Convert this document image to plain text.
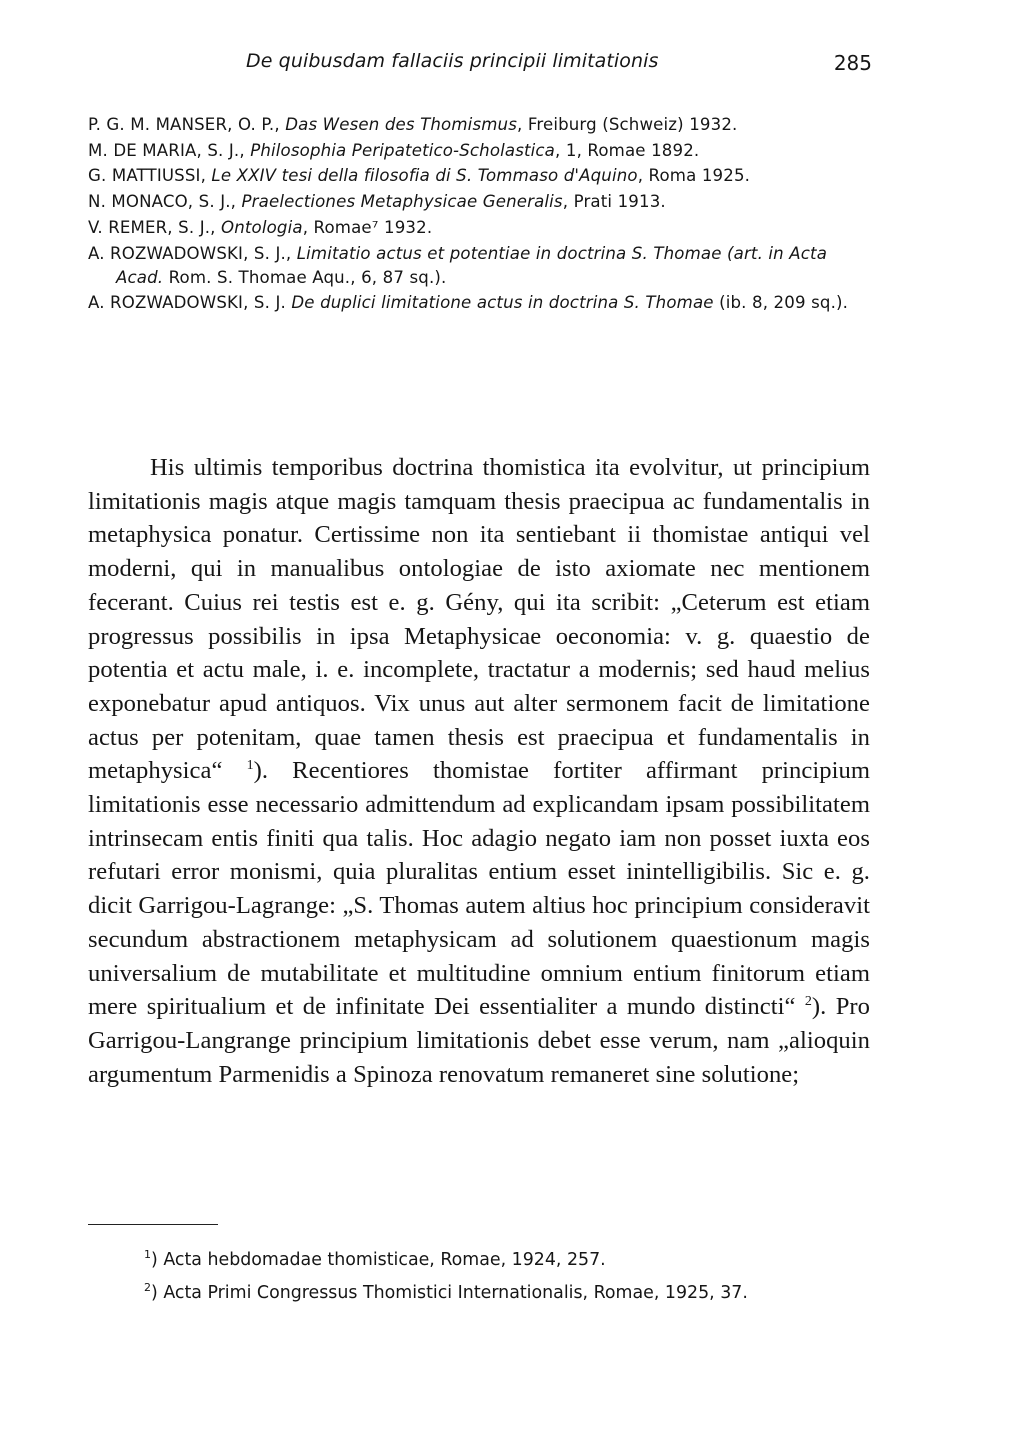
De quibusdam fallaciis principii limitationis	285
P. G. M. MANSER, O. P., Das Wesen des Thomismus, Freiburg (Schweiz) 1932.
M. DE MARIA, S. J., Philosophia Peripatetico-Scholastica, 1, Romae 1892.
G. MATTIUSSI, Le XXIV tesi della filosofia di S. Tommaso d'Aquino, Roma 1925.
N. MONACO, S. J., Praelectiones Metaphysicae Generalis, Prati 1913.
V. REMER, S. J., Ontologia, Romae⁷ 1932.
A. ROZWADOWSKI, S. J., Limitatio actus et potentiae in doctrina S. Thomae (art. in Acta Acad. Rom. S. Thomae Aqu., 6, 87 sq.).
A. ROZWADOWSKI, S. J. De duplici limitatione actus in doctrina S. Thomae (ib. 8, 209 sq.).

His ultimis temporibus doctrina thomistica ita evolvitur, ut principium limitationis magis atque magis tamquam thesis praecipua ac fundamentalis in metaphysica ponatur. Certissime non ita sentiebant ii thomistae antiqui vel moderni, qui in manualibus ontologiae de isto axiomate nec mentionem fecerant. Cuius rei testis est e. g. Gény, qui ita scribit: „Ceterum est etiam progressus possibilis in ipsa Metaphysicae oeconomia: v. g. quaestio de potentia et actu male, i. e. incomplete, tractatur a modernis; sed haud melius exponebatur apud antiquos. Vix unus aut alter sermonem facit de limitatione actus per potenitam, quae tamen thesis est praecipua et fundamentalis in metaphysica“ $^1$). Recentiores thomistae fortiter affirmant principium limitationis esse necessario admittendum ad explicandam ipsam possibilitatem intrinsecam entis finiti qua talis. Hoc adagio negato iam non posset iuxta eos refutari error monismi, quia pluralitas entium esset inintelligibilis. Sic e. g. dicit Garrigou-Lagrange: „S. Thomas autem altius hoc principium consideravit secundum abstractionem metaphysicam ad solutionem quaestionum magis universalium de mutabilitate et multitudine omnium entium finitorum etiam mere spiritualium et de infinitate Dei essentialiter a mundo distincti“ $^2$). Pro Garrigou-Langrange principium limitationis debet esse verum, nam „alioquin argumentum Parmenidis a Spinoza renovatum remaneret sine solutione;

$^1$) Acta hebdomadae thomisticae, Romae, 1924, 257.
$^2$) Acta Primi Congressus Thomistici Internationalis, Romae, 1925, 37.
